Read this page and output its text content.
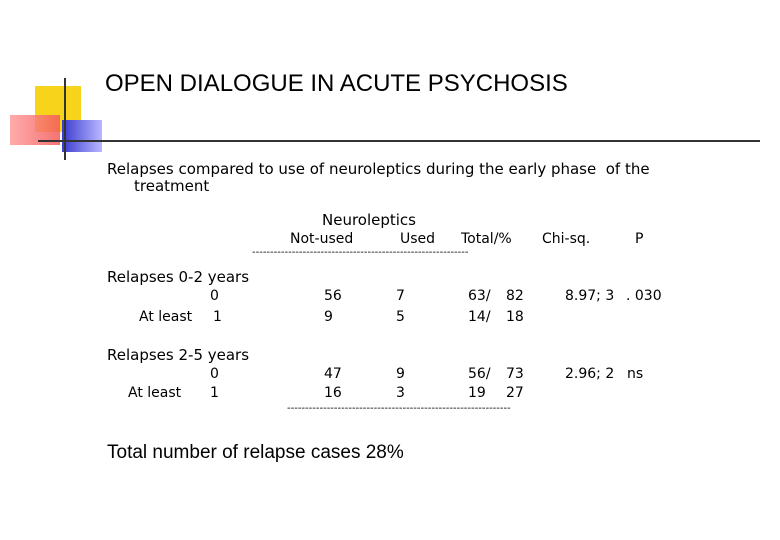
OPEN DIALOGUE IN ACUTE PSYCHOSIS
Relapses compared to use of neuroleptics during the early phase  of the
treatment
Neuroleptics
Not-used	Used Total/% Chi-sq.	P
------------------------------------------------------------
Relapses 0-2 years
0
At least 1
56
9
7
5
63/ 82
14/ 18
8.97; 3 . 030
Relapses 2-5 years
0
At least 1
47
16
9
3
56/ 73
19 27
2.96; 2 ns
--------------------------------------------------------------
Total number of relapse cases 28%
